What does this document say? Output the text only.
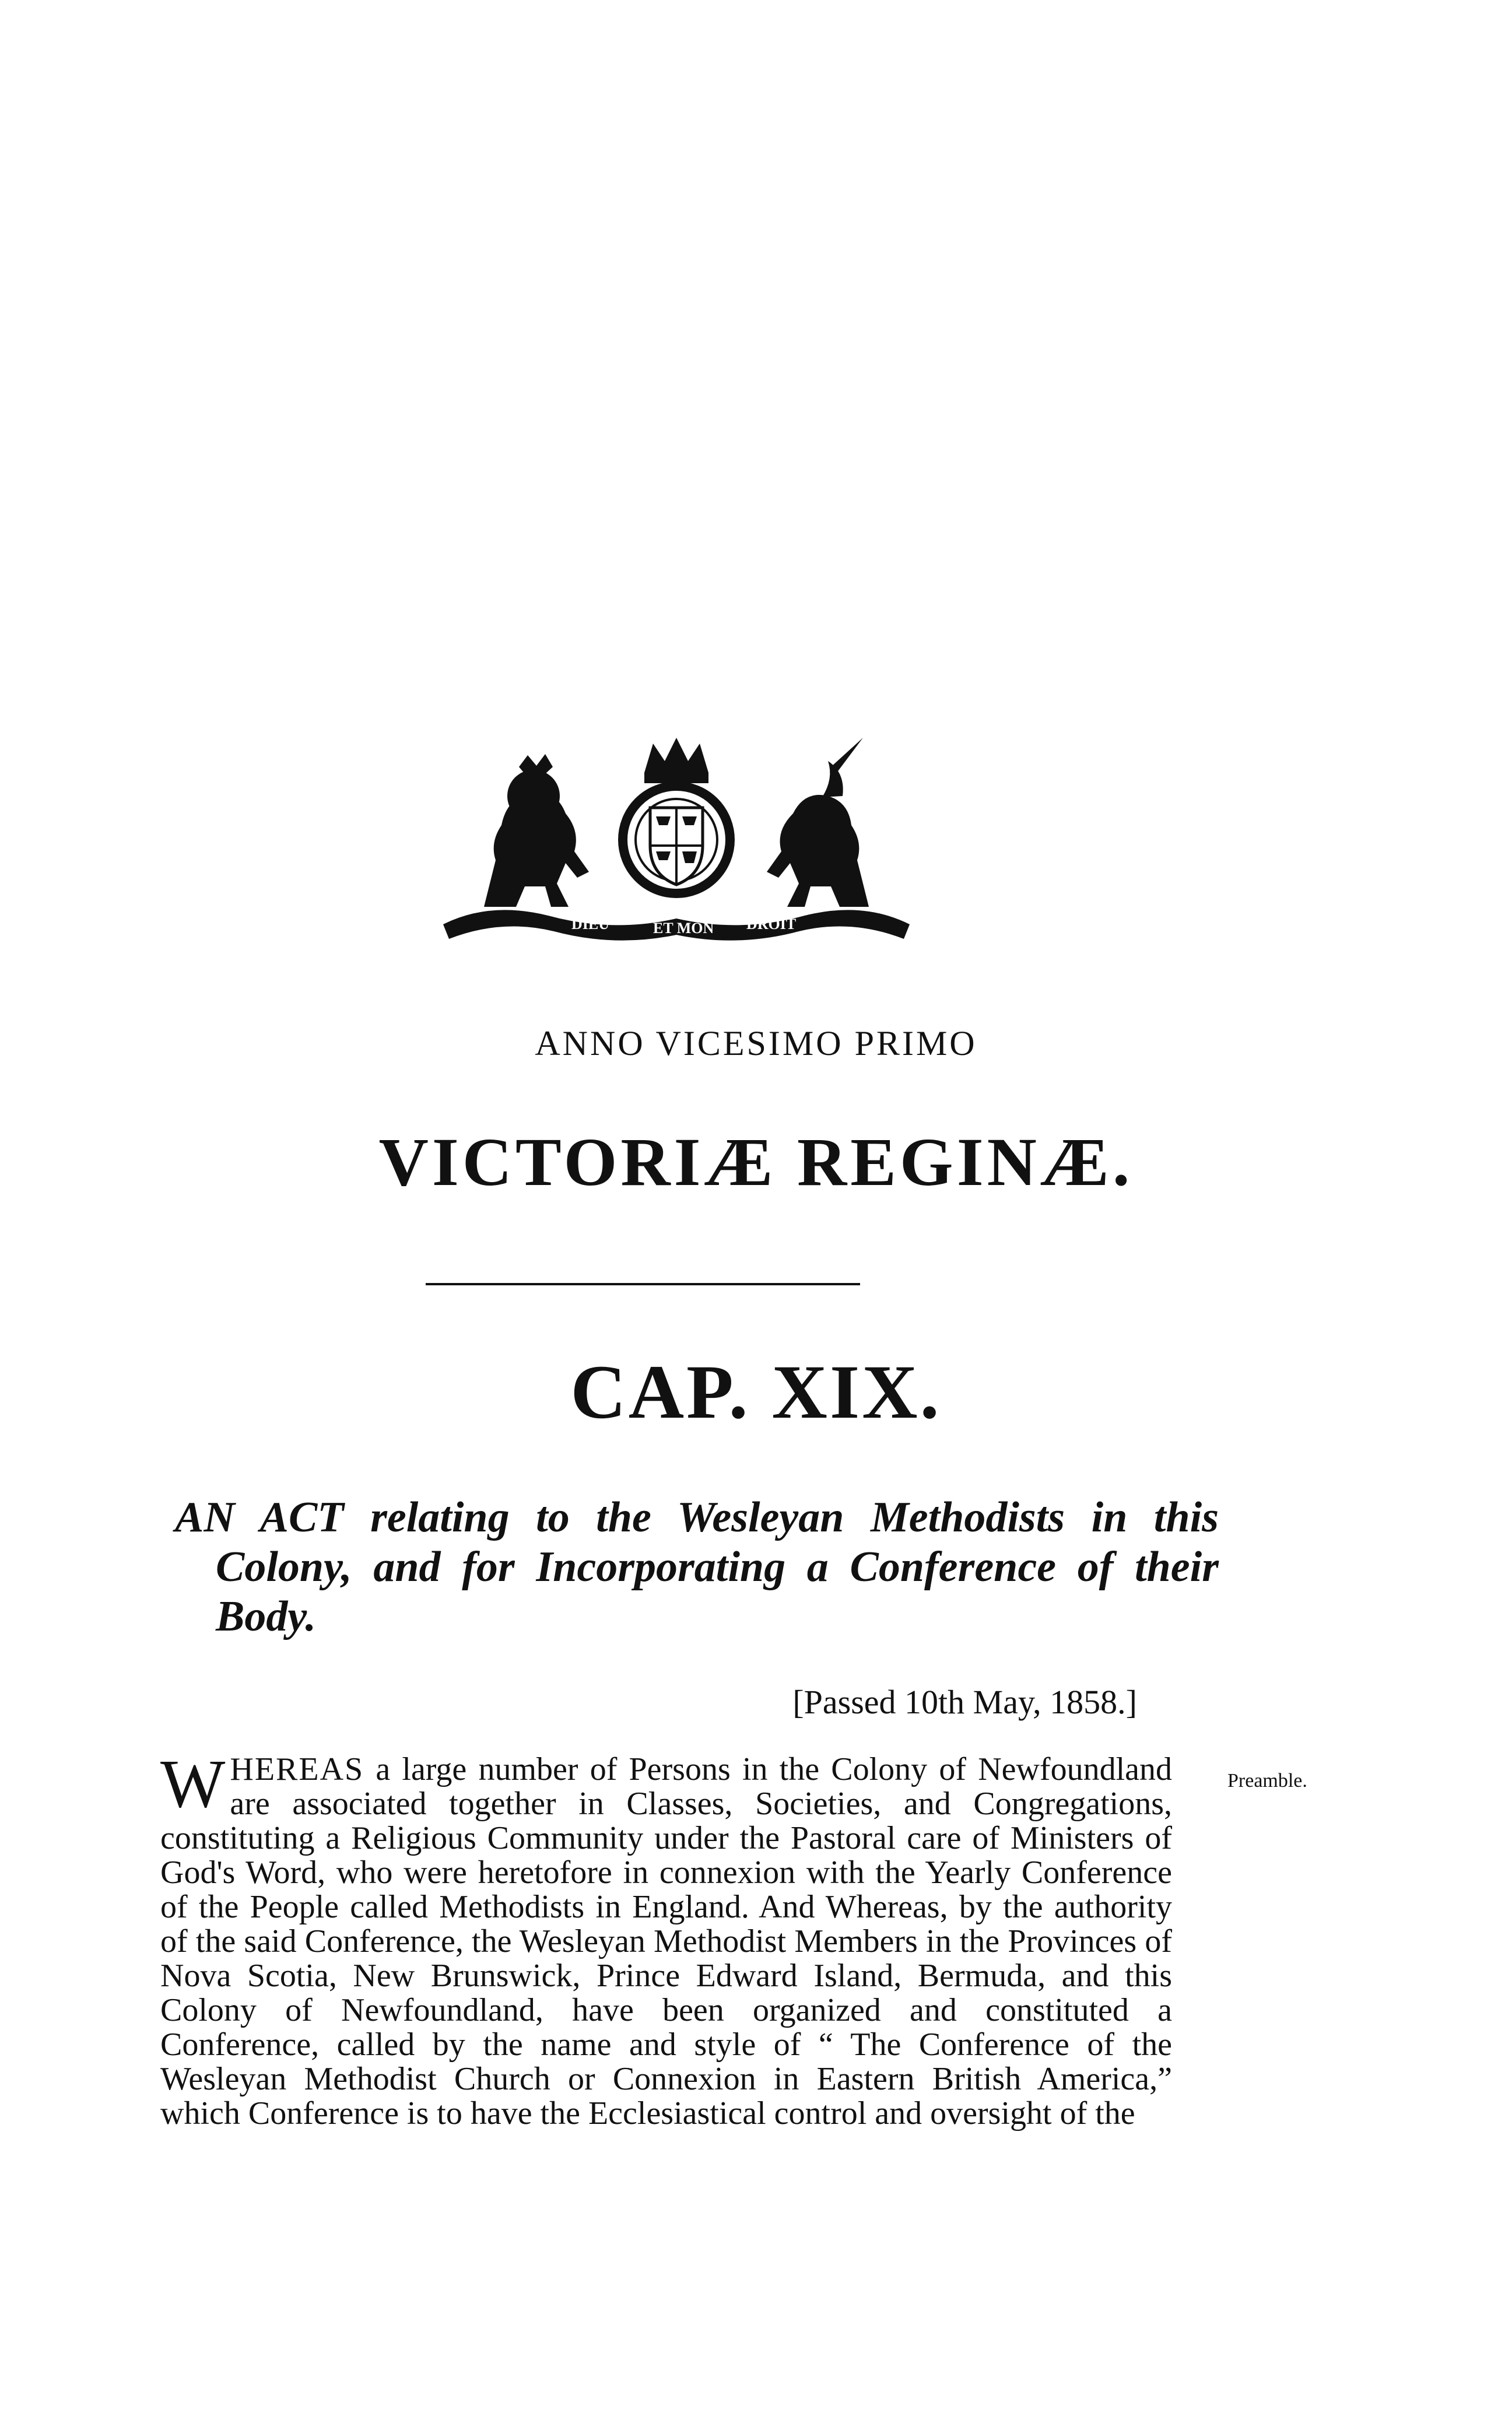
DIEU	ET MON DROIT
ANNO VICESIMO PRIMO
VICTORIÆ REGINÆ.
CAP. XIX.
AN ACT relating to the Wesleyan Methodists in this Colony, and for Incorporating a Conference of their Body.
[Passed 10th May, 1858.]
WHEREAS a large number of Persons in the Colony of Newfoundland are associated together in Classes, Societies, and Congregations, constituting a Religious Community under the Pastoral care of Ministers of God's Word, who were heretofore in connexion with the Yearly Conference of the People called Methodists in England. And Whereas, by the authority of the said Conference, the Wesleyan Methodist Members in the Provinces of Nova Scotia, New Brunswick, Prince Edward Island, Bermuda, and this Colony of Newfoundland, have been organized and constituted a Conference, called by the name and style of “ The Conference of the Wesleyan Methodist Church or Connexion in Eastern British America,” which Conference is to have the Ecclesiastical control and oversight of the
Preamble.
